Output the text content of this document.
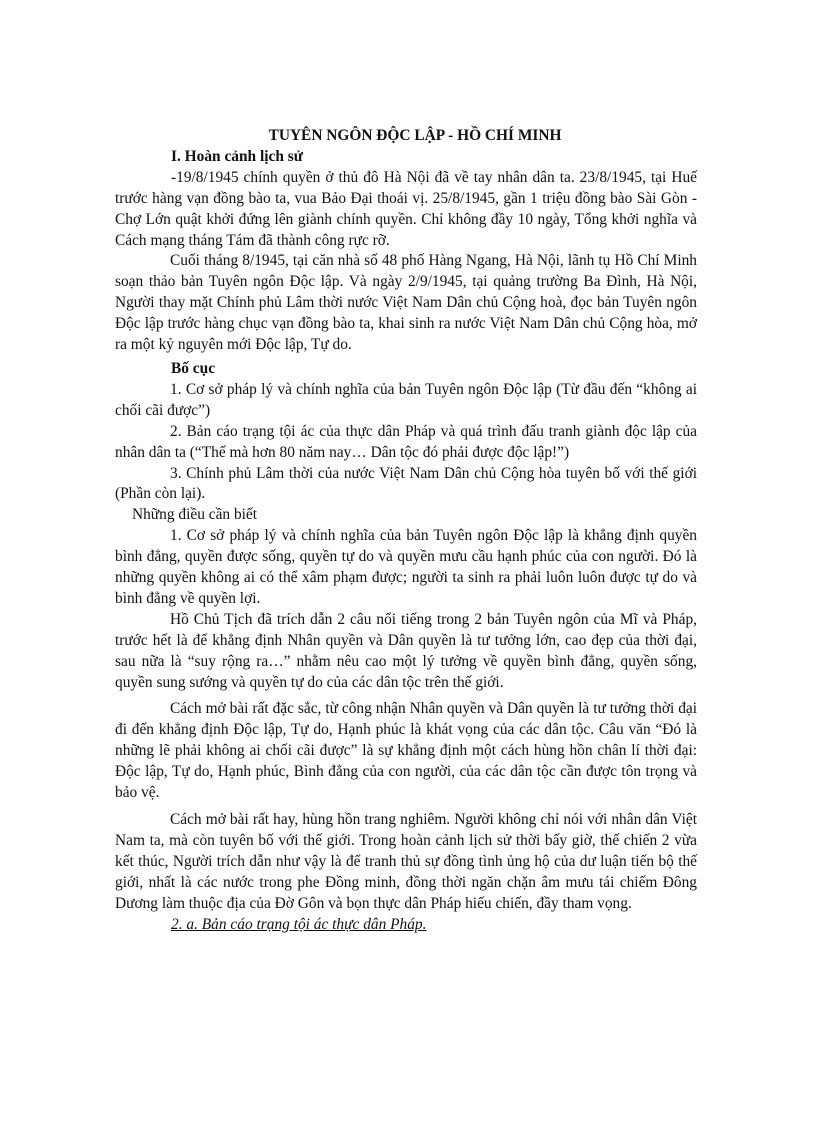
TUYÊN NGÔN ĐỘC LẬP - HỒ CHÍ MINH

I. Hoàn cảnh lịch sử

-19/8/1945 chính quyền ở thủ đô Hà Nội đã về tay nhân dân ta. 23/8/1945, tại Huế trước hàng vạn đồng bào ta, vua Bảo Đại thoái vị. 25/8/1945, gần 1 triệu đồng bào Sài Gòn - Chợ Lớn quật khởi đứng lên giành chính quyền. Chỉ không đầy 10 ngày, Tổng khởi nghĩa và Cách mạng tháng Tám đã thành công rực rỡ.

Cuối tháng 8/1945, tại căn nhà số 48 phố Hàng Ngang, Hà Nội, lãnh tụ Hồ Chí Minh soạn thảo bản Tuyên ngôn Độc lập. Và ngày 2/9/1945, tại quảng trường Ba Đình, Hà Nội, Người thay mặt Chính phủ Lâm thời nước Việt Nam Dân chủ Cộng hoà, đọc bản Tuyên ngôn Độc lập trước hàng chục vạn đồng bào ta, khai sinh ra nước Việt Nam Dân chủ Cộng hòa, mở ra một kỷ nguyên mới Độc lập, Tự do.

Bố cục

1. Cơ sở pháp lý và chính nghĩa của bản Tuyên ngôn Độc lập (Từ đầu đến “không ai chối cãi được”)

2. Bản cáo trạng tội ác của thực dân Pháp và quá trình đấu tranh giành độc lập của nhân dân ta (“Thế mà hơn 80 năm nay… Dân tộc đó phải được độc lập!”)

3. Chính phủ Lâm thời của nước Việt Nam Dân chủ Cộng hòa tuyên bố với thế giới (Phần còn lại).

Những điều cần biết

1. Cơ sở pháp lý và chính nghĩa của bản Tuyên ngôn Độc lập là khẳng định quyền bình đẳng, quyền được sống, quyền tự do và quyền mưu cầu hạnh phúc của con người. Đó là những quyền không ai có thể xâm phạm được; người ta sinh ra phải luôn luôn được tự do và bình đẳng về quyền lợi.

Hồ Chủ Tịch đã trích dẫn 2 câu nổi tiếng trong 2 bản Tuyên ngôn của Mĩ và Pháp, trước hết là để khẳng định Nhân quyền và Dân quyền là tư tưởng lớn, cao đẹp của thời đại, sau nữa là “suy rộng ra…” nhằm nêu cao một lý tưởng về quyền bình đẳng, quyền sống, quyền sung sướng và quyền tự do của các dân tộc trên thế giới.

Cách mở bài rất đặc sắc, từ công nhận Nhân quyền và Dân quyền là tư tưởng thời đại đi đến khẳng định Độc lập, Tự do, Hạnh phúc là khát vọng của các dân tộc. Câu văn “Đó là những lẽ phải không ai chối cãi được” là sự khẳng định một cách hùng hồn chân lí thời đại: Độc lập, Tự do, Hạnh phúc, Bình đẳng của con người, của các dân tộc cần được tôn trọng và bảo vệ.

Cách mở bài rất hay, hùng hồn trang nghiêm. Người không chỉ nói với nhân dân Việt Nam ta, mà còn tuyên bố với thế giới. Trong hoàn cảnh lịch sử thời bấy giờ, thế chiến 2 vừa kết thúc, Người trích dẫn như vậy là để tranh thủ sự đồng tình ủng hộ của dư luận tiến bộ thế giới, nhất là các nước trong phe Đồng minh, đồng thời ngăn chặn âm mưu tái chiếm Đông Dương làm thuộc địa của Đờ Gôn và bọn thực dân Pháp hiếu chiến, đầy tham vọng.

2. a. Bản cáo trạng tội ác thực dân Pháp.
